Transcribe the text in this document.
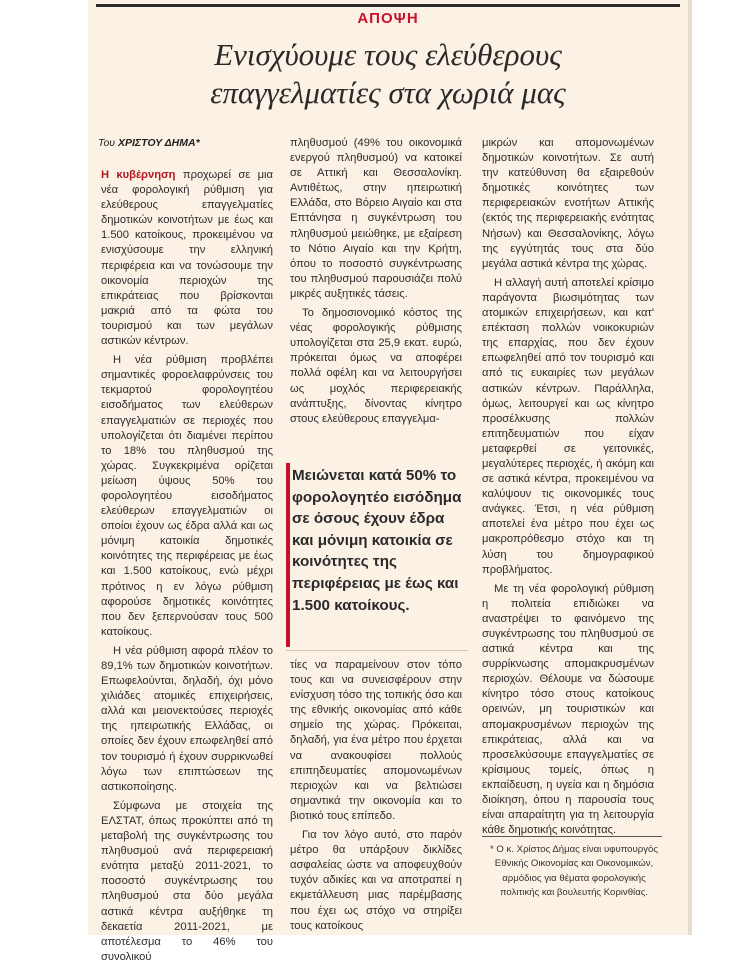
ΑΠΟΨΗ
Ενισχύουμε τους ελεύθερους
επαγγελματίες στα χωριά μας
Του ΧΡΙΣΤΟΥ ΔΗΜΑ*

Η κυβέρνηση προχωρεί σε μια νέα φορολογική ρύθμιση για ελεύθερους επαγγελματίες δημοτικών κοινοτήτων με έως και 1.500 κατοίκους, προκειμένου να ενισχύσουμε την ελληνική περιφέρεια και να τονώσουμε την οικονομία περιοχών της επικράτειας που βρίσκονται μακριά από τα φώτα του τουρισμού και των μεγάλων αστικών κέντρων.

Η νέα ρύθμιση προβλέπει σημαντικές φοροελαφρύνσεις του τεκμαρτού φορολογητέου εισοδήματος των ελεύθερων επαγγελματιών σε περιοχές που υπολογίζεται ότι διαμένει περίπου το 18% του πληθυσμού της χώρας. Συγκεκριμένα ορίζεται μείωση ύψους 50% του φορολογητέου εισοδήματος ελεύθερων επαγγελματιών οι οποίοι έχουν ως έδρα αλλά και ως μόνιμη κατοικία δημοτικές κοινότητες της περιφέρειας με έως και 1.500 κατοίκους, ενώ μέχρι πρότινος η εν λόγω ρύθμιση αφορούσε δημοτικές κοινότητες που δεν ξεπερνούσαν τους 500 κατοίκους.

Η νέα ρύθμιση αφορά πλέον το 89,1% των δημοτικών κοινοτήτων. Επωφελούνται, δηλαδή, όχι μόνο χιλιάδες ατομικές επιχειρήσεις, αλλά και μειονεκτούσες περιοχές της ηπειρωτικής Ελλάδας, οι οποίες δεν έχουν επωφεληθεί από τον τουρισμό ή έχουν συρρικνωθεί λόγω των επιπτώσεων της αστικοποίησης.

Σύμφωνα με στοιχεία της ΕΛΣΤΑΤ, όπως προκύπτει από τη μεταβολή της συγκέντρωσης του πληθυσμού ανά περιφερειακή ενότητα μεταξύ 2011-2021, το ποσοστό συγκέντρωσης του πληθυσμού στα δύο μεγάλα αστικά κέντρα αυξήθηκε τη δεκαετία 2011-2021, με αποτέλεσμα το 46% του συνολικού

πληθυσμού (49% του οικονομικά ενεργού πληθυσμού) να κατοικεί σε Αττική και Θεσσαλονίκη. Αντιθέτως, στην ηπειρωτική Ελλάδα, στο Βόρειο Αιγαίο και στα Επτάνησα η συγκέντρωση του πληθυσμού μειώθηκε, με εξαίρεση το Νότιο Αιγαίο και την Κρήτη, όπου το ποσοστό συγκέντρωσης του πληθυσμού παρουσιάζει πολύ μικρές αυξητικές τάσεις.

Το δημοσιονομικό κόστος της νέας φορολογικής ρύθμισης υπολογίζεται στα 25,9 εκατ. ευρώ, πρόκειται όμως να αποφέρει πολλά οφέλη και να λειτουργήσει ως μοχλός περιφερειακής ανάπτυξης, δίνοντας κίνητρο στους ελεύθερους επαγγελμα-

Μειώνεται κατά 50% το φορολογητέο εισόδημα σε όσους έχουν έδρα και μόνιμη κατοικία σε κοινότητες της περιφέρειας με έως και 1.500 κατοίκους.

τίες να παραμείνουν στον τόπο τους και να συνεισφέρουν στην ενίσχυση τόσο της τοπικής όσο και της εθνικής οικονομίας από κάθε σημείο της χώρας. Πρόκειται, δηλαδή, για ένα μέτρο που έρχεται να ανακουφίσει πολλούς επιπηδευματίες απομονωμένων περιοχών και να βελτιώσει σημαντικά την οικονομία και το βιοτικό τους επίπεδο.

Για τον λόγο αυτό, στο παρόν μέτρο θα υπάρξουν δικλίδες ασφαλείας ώστε να αποφευχθούν τυχόν αδικίες και να αποτραπεί η εκμετάλλευση μιας παρέμβασης που έχει ως στόχο να στηρίξει τους κατοίκους

μικρών και απομονωμένων δημοτικών κοινοτήτων. Σε αυτή την κατεύθυνση θα εξαιρεθούν δημοτικές κοινότητες των περιφερειακών ενοτήτων Αττικής (εκτός της περιφερειακής ενότητας Νήσων) και Θεσσαλονίκης, λόγω της εγγύτητάς τους στα δύο μεγάλα αστικά κέντρα της χώρας.

Η αλλαγή αυτή αποτελεί κρίσιμο παράγοντα βιωσιμότητας των ατομικών επιχειρήσεων, και κατ' επέκταση πολλών νοικοκυριών της επαρχίας, που δεν έχουν επωφεληθεί από τον τουρισμό και από τις ευκαιρίες των μεγάλων αστικών κέντρων. Παράλληλα, όμως, λειτουργεί και ως κίνητρο προσέλκυσης πολλών επιτηδευματιών που είχαν μεταφερθεί σε γειτονικές, μεγαλύτερες περιοχές, ή ακόμη και σε αστικά κέντρα, προκειμένου να καλύψουν τις οικονομικές τους ανάγκες. Έτσι, η νέα ρύθμιση αποτελεί ένα μέτρο που έχει ως μακροπρόθεσμο στόχο και τη λύση του δημογραφικού προβλήματος.

Με τη νέα φορολογική ρύθμιση η πολιτεία επιδιώκει να αναστρέψει το φαινόμενο της συγκέντρωσης του πληθυσμού σε αστικά κέντρα και της συρρίκνωσης απομακρυσμένων περιοχών. Θέλουμε να δώσουμε κίνητρο τόσο στους κατοίκους ορεινών, μη τουριστικών και απομακρυσμένων περιοχών της επικράτειας, αλλά και να προσελκύσουμε επαγγελματίες σε κρίσιμους τομείς, όπως η εκπαίδευση, η υγεία και η δημόσια διοίκηση, όπου η παρουσία τους είναι απαραίτητη για τη λειτουργία κάθε δημοτικής κοινότητας.

* Ο κ. Χρίστος Δήμας είναι υφυπουργός Εθνικής Οικονομίας και Οικονομικών, αρμόδιος για θέματα φορολογικής πολιτικής και βουλευτής Κορινθίας.
